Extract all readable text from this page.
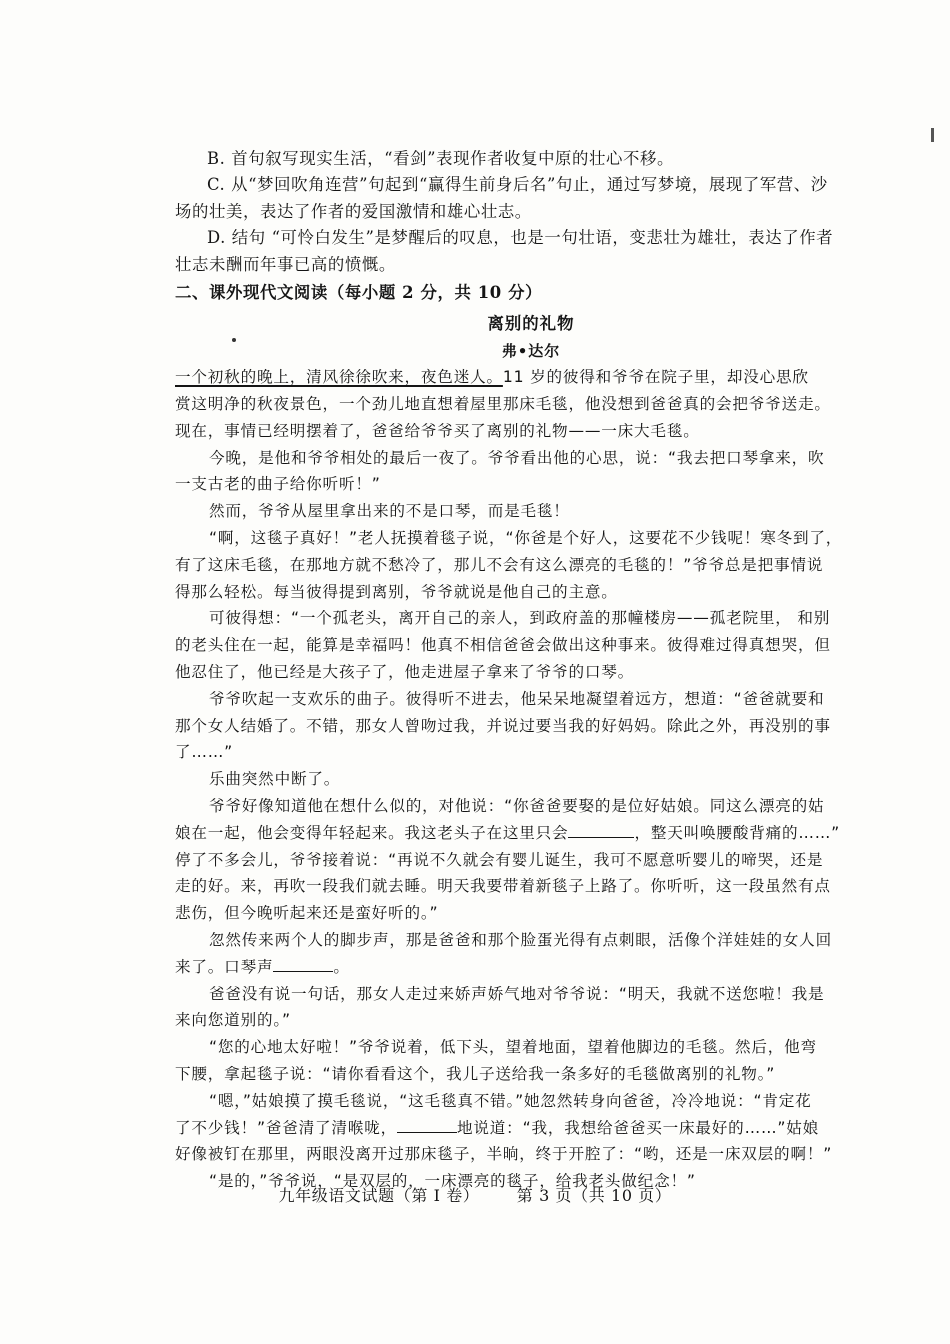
B. 首句叙写现实生活，“看剑”表现作者收复中原的壮心不移。

C. 从“梦回吹角连营”句起到“赢得生前身后名”句止，通过写梦境，展现了军营、沙

场的壮美，表达了作者的爱国激情和雄心壮志。

D. 结句 “可怜白发生”是梦醒后的叹息，也是一句壮语，变悲壮为雄壮，表达了作者

壮志未酬而年事已高的愤慨。

二、课外现代文阅读（每小题 2 分，共 10 分）

离别的礼物

弗•达尔

一个初秋的晚上，清风徐徐吹来，夜色迷人。11 岁的彼得和爷爷在院子里，却没心思欣

赏这明净的秋夜景色，一个劲儿地直想着屋里那床毛毯，他没想到爸爸真的会把爷爷送走。

现在，事情已经明摆着了，爸爸给爷爷买了离别的礼物——一床大毛毯。

今晚，是他和爷爷相处的最后一夜了。爷爷看出他的心思，说：“我去把口琴拿来，吹

一支古老的曲子给你听听！”

然而，爷爷从屋里拿出来的不是口琴，而是毛毯！

“啊，这毯子真好！”老人抚摸着毯子说，“你爸是个好人，这要花不少钱呢！寒冬到了，

有了这床毛毯，在那地方就不愁冷了，那儿不会有这么漂亮的毛毯的！”爷爷总是把事情说

得那么轻松。每当彼得提到离别，爷爷就说是他自己的主意。

可彼得想：“一个孤老头，离开自己的亲人，到政府盖的那幢楼房——孤老院里， 和别

的老头住在一起，能算是幸福吗！他真不相信爸爸会做出这种事来。彼得难过得真想哭，但

他忍住了，他已经是大孩子了，他走进屋子拿来了爷爷的口琴。

爷爷吹起一支欢乐的曲子。彼得听不进去，他呆呆地凝望着远方，想道：“爸爸就要和

那个女人结婚了。不错，那女人曾吻过我，并说过要当我的好妈妈。除此之外，再没别的事

了……”

乐曲突然中断了。

爷爷好像知道他在想什么似的，对他说：“你爸爸要娶的是位好姑娘。同这么漂亮的姑

娘在一起，他会变得年轻起来。我这老头子在这里只会	，整天叫唤腰酸背痛的……”

停了不多会儿，爷爷接着说：“再说不久就会有婴儿诞生，我可不愿意听婴儿的啼哭，还是

走的好。来，再吹一段我们就去睡。明天我要带着新毯子上路了。你听听，这一段虽然有点

悲伤，但今晚听起来还是蛮好听的。”

忽然传来两个人的脚步声，那是爸爸和那个脸蛋光得有点刺眼，活像个洋娃娃的女人回

来了。口琴声	。

爸爸没有说一句话，那女人走过来娇声娇气地对爷爷说：“明天，我就不送您啦！我是

来向您道别的。”

“您的心地太好啦！”爷爷说着，低下头，望着地面，望着他脚边的毛毯。然后，他弯

下腰，拿起毯子说：“请你看看这个，我儿子送给我一条多好的毛毯做离别的礼物。”

“嗯，”姑娘摸了摸毛毯说，“这毛毯真不错。”她忽然转身向爸爸，冷冷地说：“肯定花

了不少钱！”爸爸清了清喉咙，	地说道：“我，我想给爸爸买一床最好的……”姑娘

好像被钉在那里，两眼没离开过那床毯子，半晌，终于开腔了：“哟，还是一床双层的啊！”

“是的，”爷爷说，“是双层的，一床漂亮的毯子，给我老头做纪念！”

九年级语文试题（第 I 卷） 第 3 页（共 10 页）
